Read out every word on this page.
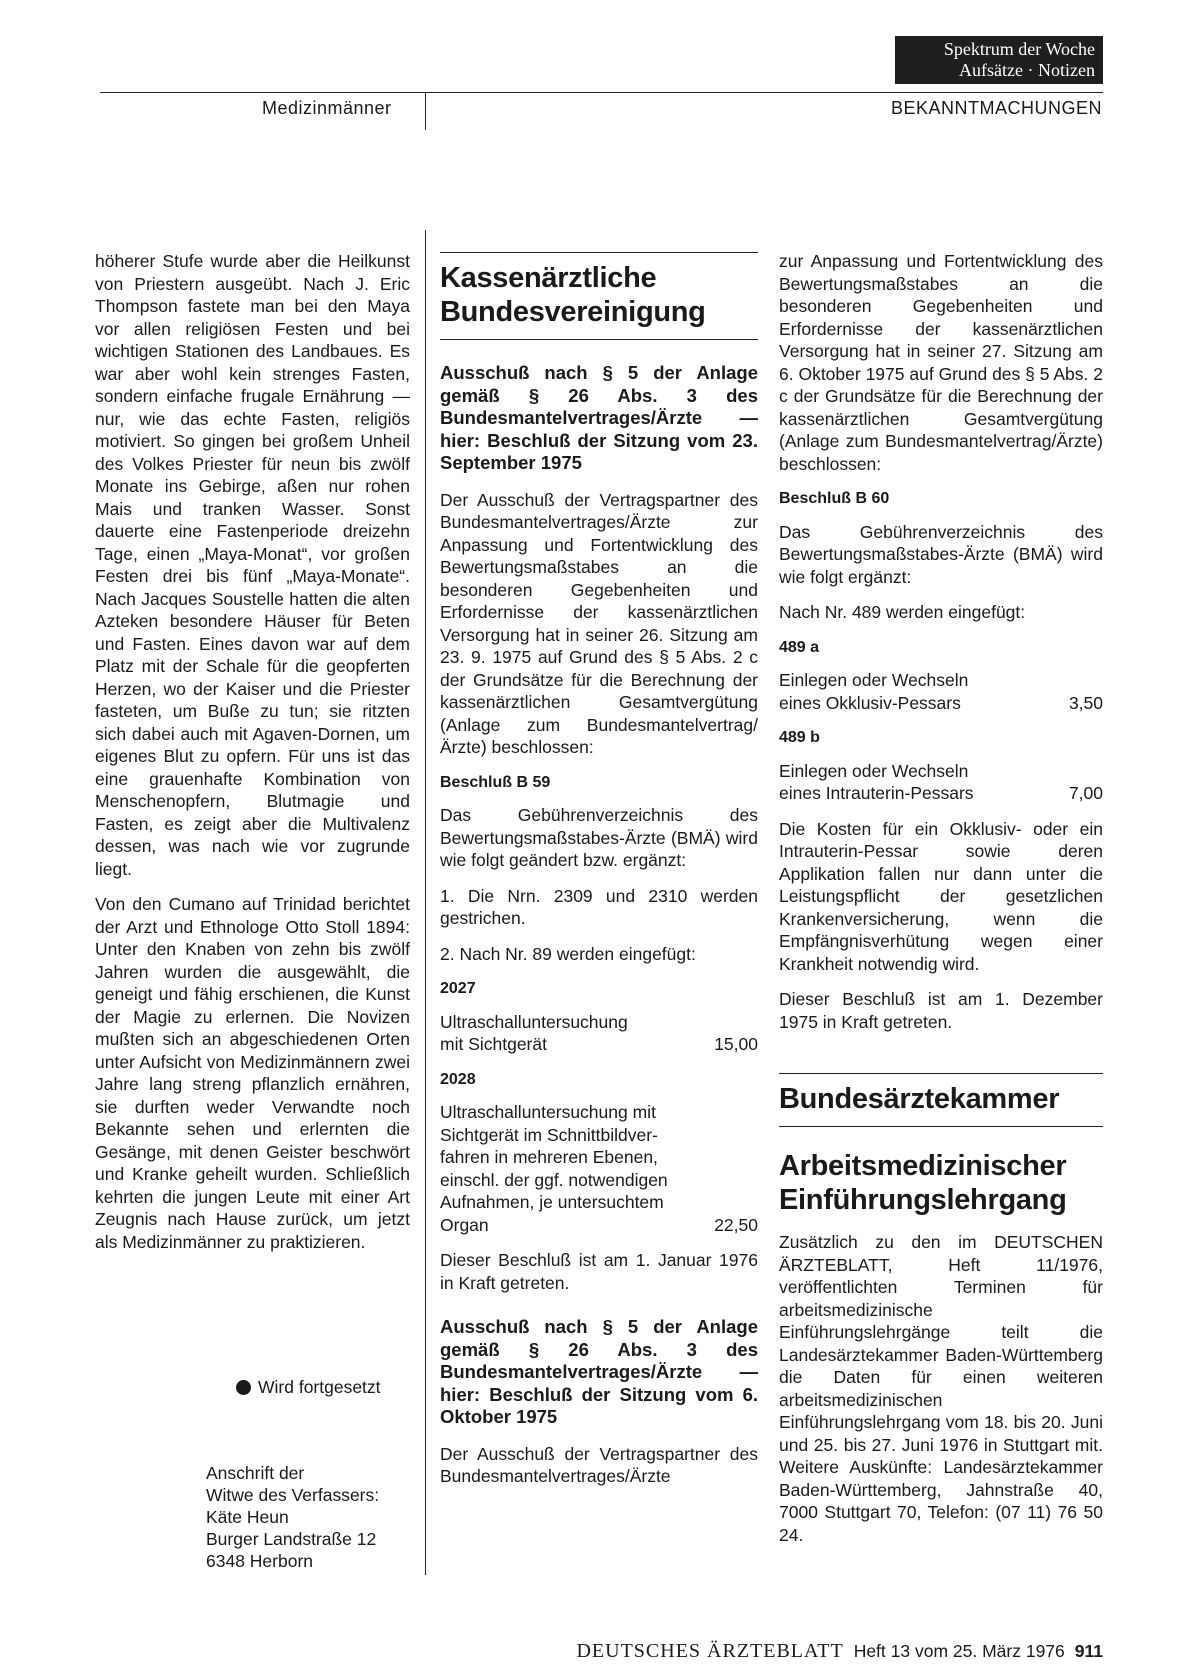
Spektrum der Woche
Aufsätze · Notizen
Medizinmänner	BEKANNTMACHUNGEN

höherer Stufe wurde aber die Heilkunst von Priestern ausgeübt. Nach J. Eric Thompson fastete man bei den Maya vor allen religiösen Festen und bei wichtigen Stationen des Landbaues. Es war aber wohl kein strenges Fasten, sondern einfache frugale Ernährung — nur, wie das echte Fasten, religiös motiviert. So gingen bei großem Unheil des Volkes Priester für neun bis zwölf Monate ins Gebirge, aßen nur rohen Mais und tranken Wasser. Sonst dauerte eine Fastenperiode dreizehn Tage, einen „Maya-Monat“, vor großen Festen drei bis fünf „Maya-Monate“. Nach Jacques Soustelle hatten die alten Azteken besondere Häuser für Beten und Fasten. Eines davon war auf dem Platz mit der Schale für die geopferten Herzen, wo der Kaiser und die Priester fasteten, um Buße zu tun; sie ritzten sich dabei auch mit Agaven-Dornen, um eigenes Blut zu opfern. Für uns ist das eine grauenhafte Kombination von Menschenopfern, Blutmagie und Fasten, es zeigt aber die Multivalenz dessen, was nach wie vor zugrunde liegt.

Von den Cumano auf Trinidad berichtet der Arzt und Ethnologe Otto Stoll 1894: Unter den Knaben von zehn bis zwölf Jahren wurden die ausgewählt, die geneigt und fähig erschienen, die Kunst der Magie zu erlernen. Die Novizen mußten sich an abgeschiedenen Orten unter Aufsicht von Medizinmännern zwei Jahre lang streng pflanzlich ernähren, sie durften weder Verwandte noch Bekannte sehen und erlernten die Gesänge, mit denen Geister beschwört und Kranke geheilt wurden. Schließlich kehrten die jungen Leute mit einer Art Zeugnis nach Hause zurück, um jetzt als Medizinmänner zu praktizieren.

Wird fortgesetzt
Anschrift der
Witwe des Verfassers:
Käte Heun
Burger Landstraße 12
6348 Herborn
Kassenärztliche
Bundesvereinigung
Ausschuß nach § 5 der Anlage gemäß § 26 Abs. 3 des Bundesmantelvertrages/Ärzte — hier: Beschluß der Sitzung vom 23. September 1975

Der Ausschuß der Vertragspartner des Bundesmantelvertrages/Ärzte zur Anpassung und Fortentwicklung des Bewertungsmaßstabes an die besonderen Gegebenheiten und Erfordernisse der kassenärztlichen Versorgung hat in seiner 26. Sitzung am 23. 9. 1975 auf Grund des § 5 Abs. 2 c der Grundsätze für die Berechnung der kassenärztlichen Gesamtvergütung (Anlage zum Bundesmantelvertrag/Ärzte) beschlossen:

Beschluß B 59

Das Gebührenverzeichnis des Bewertungsmaßstabes-Ärzte (BMÄ) wird wie folgt geändert bzw. ergänzt:

1. Die Nrn. 2309 und 2310 werden gestrichen.

2. Nach Nr. 89 werden eingefügt:

2027
Ultraschalluntersuchung
mit Sichtgerät	15,00
2028
Ultraschalluntersuchung mit
Sichtgerät im Schnittbildver-
fahren in mehreren Ebenen,
einschl. der ggf. notwendigen
Aufnahmen, je untersuchtem
Organ	22,50

Dieser Beschluß ist am 1. Januar 1976 in Kraft getreten.

Ausschuß nach § 5 der Anlage gemäß § 26 Abs. 3 des Bundesmantelvertrages/Ärzte — hier: Beschluß der Sitzung vom 6. Oktober 1975

Der Ausschuß der Vertragspartner des Bundesmantelvertrages/Ärzte

zur Anpassung und Fortentwicklung des Bewertungsmaßstabes an die besonderen Gegebenheiten und Erfordernisse der kassenärztlichen Versorgung hat in seiner 27. Sitzung am 6. Oktober 1975 auf Grund des § 5 Abs. 2 c der Grundsätze für die Berechnung der kassenärztlichen Gesamtvergütung (Anlage zum Bundesmantelvertrag/Ärzte) beschlossen:

Beschluß B 60

Das Gebührenverzeichnis des Bewertungsmaßstabes-Ärzte (BMÄ) wird wie folgt ergänzt:

Nach Nr. 489 werden eingefügt:

489 a
Einlegen oder Wechseln
eines Okklusiv-Pessars	3,50
489 b
Einlegen oder Wechseln
eines Intrauterin-Pessars	7,00

Die Kosten für ein Okklusiv- oder ein Intrauterin-Pessar sowie deren Applikation fallen nur dann unter die Leistungspflicht der gesetzlichen Krankenversicherung, wenn die Empfängnisverhütung wegen einer Krankheit notwendig wird.

Dieser Beschluß ist am 1. Dezember 1975 in Kraft getreten.

Bundesärztekammer
Arbeitsmedizinischer
Einführungslehrgang

Zusätzlich zu den im DEUTSCHEN ÄRZTEBLATT, Heft 11/1976, veröffentlichten Terminen für arbeitsmedizinische Einführungslehrgänge teilt die Landesärztekammer Baden-Württemberg die Daten für einen weiteren arbeitsmedizinischen Einführungslehrgang vom 18. bis 20. Juni und 25. bis 27. Juni 1976 in Stuttgart mit. Weitere Auskünfte: Landesärztekammer Baden-Württemberg, Jahnstraße 40, 7000 Stuttgart 70, Telefon: (07 11) 76 50 24.

DEUTSCHES ÄRZTEBLATT Heft 13 vom 25. März 1976 911
